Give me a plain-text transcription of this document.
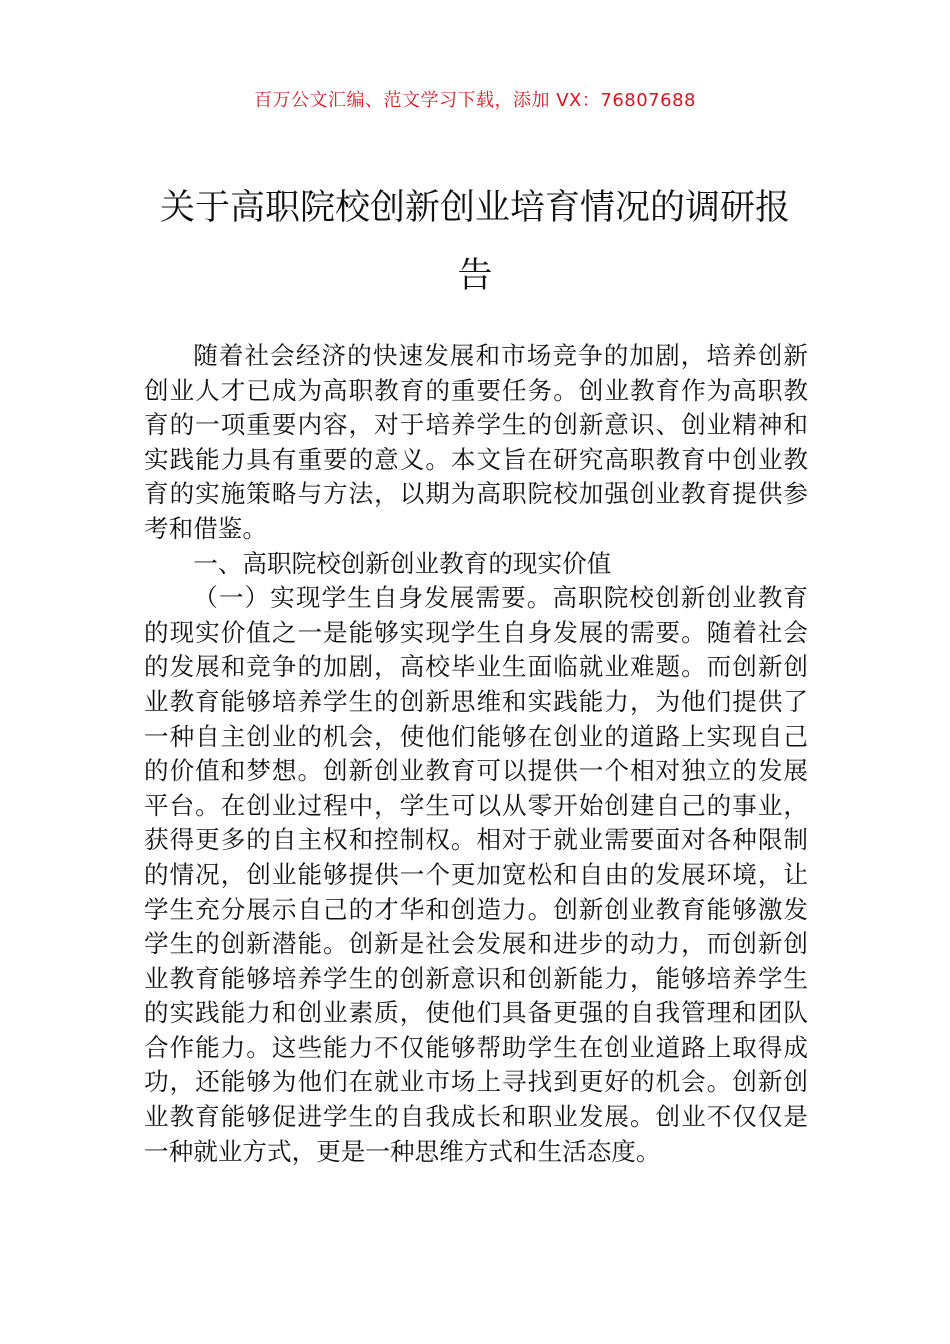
百万公文汇编、范文学习下载，添加 VX：76807688
关于高职院校创新创业培育情况的调研报告

随着社会经济的快速发展和市场竞争的加剧，培养创新创业人才已成为高职教育的重要任务。创业教育作为高职教育的一项重要内容，对于培养学生的创新意识、创业精神和实践能力具有重要的意义。本文旨在研究高职教育中创业教育的实施策略与方法，以期为高职院校加强创业教育提供参考和借鉴。

一、高职院校创新创业教育的现实价值

（一）实现学生自身发展需要。高职院校创新创业教育的现实价值之一是能够实现学生自身发展的需要。随着社会的发展和竞争的加剧，高校毕业生面临就业难题。而创新创业教育能够培养学生的创新思维和实践能力，为他们提供了一种自主创业的机会，使他们能够在创业的道路上实现自己的价值和梦想。创新创业教育可以提供一个相对独立的发展平台。在创业过程中，学生可以从零开始创建自己的事业，获得更多的自主权和控制权。相对于就业需要面对各种限制的情况，创业能够提供一个更加宽松和自由的发展环境，让学生充分展示自己的才华和创造力。创新创业教育能够激发学生的创新潜能。创新是社会发展和进步的动力，而创新创业教育能够培养学生的创新意识和创新能力，能够培养学生的实践能力和创业素质，使他们具备更强的自我管理和团队合作能力。这些能力不仅能够帮助学生在创业道路上取得成功，还能够为他们在就业市场上寻找到更好的机会。创新创业教育能够促进学生的自我成长和职业发展。创业不仅仅是一种就业方式，更是一种思维方式和生活态度。
